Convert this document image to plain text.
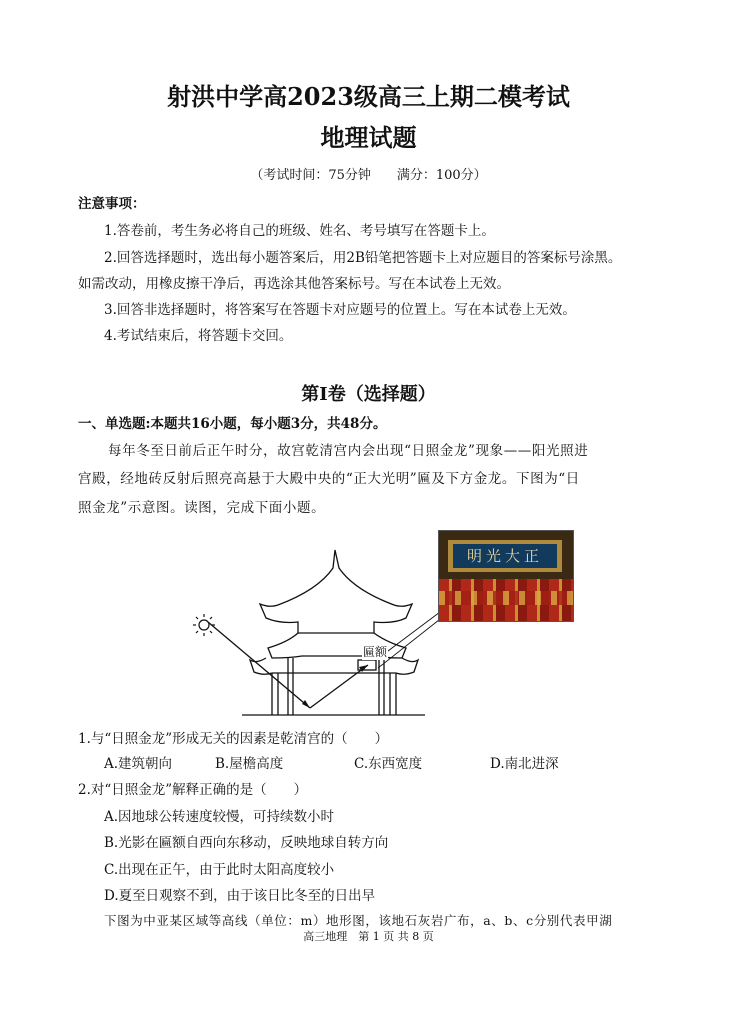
射洪中学高2023级高三上期二模考试
地理试题
（考试时间：75分钟　　满分：100分）
注意事项：
1.答卷前，考生务必将自己的班级、姓名、考号填写在答题卡上。
2.回答选择题时，选出每小题答案后，用2B铅笔把答题卡上对应题目的答案标号涂黑。
如需改动，用橡皮擦干净后，再选涂其他答案标号。写在本试卷上无效。
3.回答非选择题时，将答案写在答题卡对应题号的位置上。写在本试卷上无效。
4.考试结束后，将答题卡交回。
第Ⅰ卷（选择题）
一、单选题:本题共16小题，每小题3分，共48分。
每年冬至日前后正午时分，故宫乾清宫内会出现“日照金龙”现象——阳光照进
宫殿，经地砖反射后照亮高悬于大殿中央的“正大光明”匾及下方金龙。下图为“日
照金龙”示意图。读图，完成下面小题。
匾额
明光大正
1.与“日照金龙”形成无关的因素是乾清宫的（　　）
A.建筑朝向	B.屋檐高度	C.东西宽度	D.南北进深
2.对“日照金龙”解释正确的是（　　）
A.因地球公转速度较慢，可持续数小时
B.光影在匾额自西向东移动，反映地球自转方向
C.出现在正午，由于此时太阳高度较小
D.夏至日观察不到，由于该日比冬至的日出早
下图为中亚某区域等高线（单位：m）地形图，该地石灰岩广布，a、b、c分别代表甲湖
高三地理　第 1 页 共 8 页
